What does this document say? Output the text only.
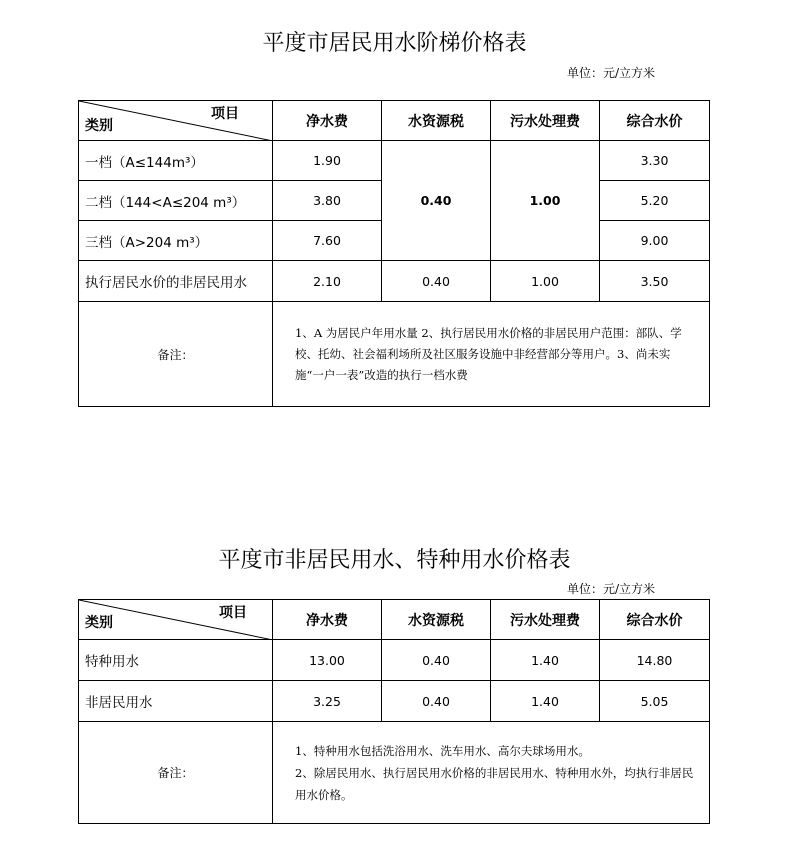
平度市居民用水阶梯价格表
单位：元/立方米
项目
类别	净水费	水资源税	污水处理费	综合水价
一档（A≤144m³）	1.90	0.40	1.00	3.30
二档（144<A≤204 m³）	3.80			5.20
三档（A>204 m³）	7.60			9.00
执行居民水价的非居民用水	2.10	0.40	1.00	3.50
备注：	1、A 为居民户年用水量 2、执行居民用水价格的非居民用户范围：部队、学校、托幼、社会福利场所及社区服务设施中非经营部分等用户。3、尚未实施“一户一表”改造的执行一档水费			

平度市非居民用水、特种用水价格表
单位：元/立方米
项目
类别	净水费	水资源税	污水处理费	综合水价
特种用水	13.00	0.40	1.40	14.80
非居民用水	3.25	0.40	1.40	5.05
备注：	1、特种用水包括洗浴用水、洗车用水、高尔夫球场用水。

2、除居民用水、执行居民用水价格的非居民用水、特种用水外，均执行非居民用水价格。			
